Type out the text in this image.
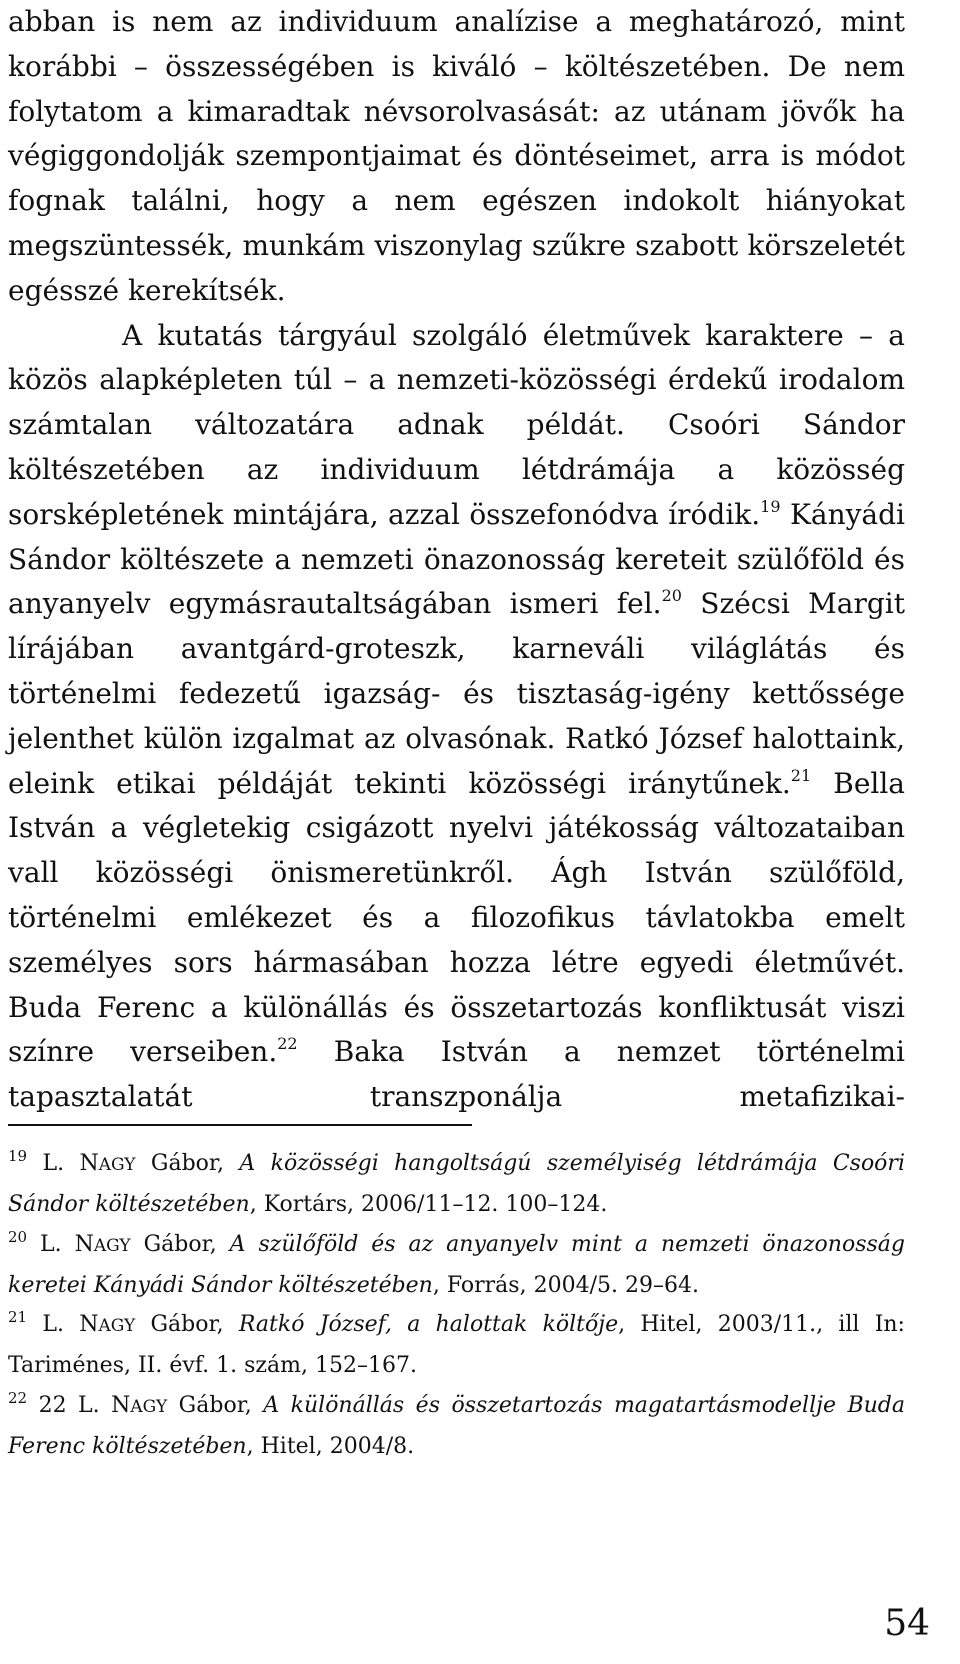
abban is nem az individuum analízise a meghatározó, mint korábbi – összességében is kiváló – költészetében. De nem folytatom a kimaradtak névsorolvasását: az utánam jövők ha végiggondolják szempontjaimat és döntéseimet, arra is módot fognak találni, hogy a nem egészen indokolt hiányokat megszüntessék, munkám viszonylag szűkre szabott körszeletét egésszé kerekítsék.

A kutatás tárgyául szolgáló életművek karaktere – a közös alapképleten túl – a nemzeti-közösségi érdekű irodalom számtalan változatára adnak példát. Csoóri Sándor költészetében az individuum létdrámája a közösség sorsképletének mintájára, azzal összefonódva íródik.$^{19}$ Kányádi Sándor költészete a nemzeti önazonosság kereteit szülőföld és anyanyelv egymásrautaltságában ismeri fel.$^{20}$ Szécsi Margit lírájában avantgárd-groteszk, karneváli világlátás és történelmi fedezetű igazság- és tisztaság-igény kettőssége jelenthet külön izgalmat az olvasónak. Ratkó József halottaink, eleink etikai példáját tekinti közösségi iránytűnek.$^{21}$ Bella István a végletekig csigázott nyelvi játékosság változataiban vall közösségi önismeretünkről. Ágh István szülőföld, történelmi emlékezet és a filozofikus távlatokba emelt személyes sors hármasában hozza létre egyedi életművét. Buda Ferenc a különállás és összetartozás konfliktusát viszi színre verseiben.$^{22}$ Baka István a nemzet történelmi tapasztalatát transzponálja metafizikai-

$^{19}$ L. NAGY Gábor, A közösségi hangoltságú személyiség létdrámája Csoóri Sándor költészetében, Kortárs, 2006/11–12. 100–124.

$^{20}$ L. NAGY Gábor, A szülőföld és az anyanyelv mint a nemzeti önazonosság keretei Kányádi Sándor költészetében, Forrás, 2004/5. 29–64.

$^{21}$ L. NAGY Gábor, Ratkó József, a halottak költője, Hitel, 2003/11., ill In: Tariménes, II. évf. 1. szám, 152–167.

$^{22}$ 22 L. NAGY Gábor, A különállás és összetartozás magatartásmodellje Buda Ferenc költészetében, Hitel, 2004/8.

54
